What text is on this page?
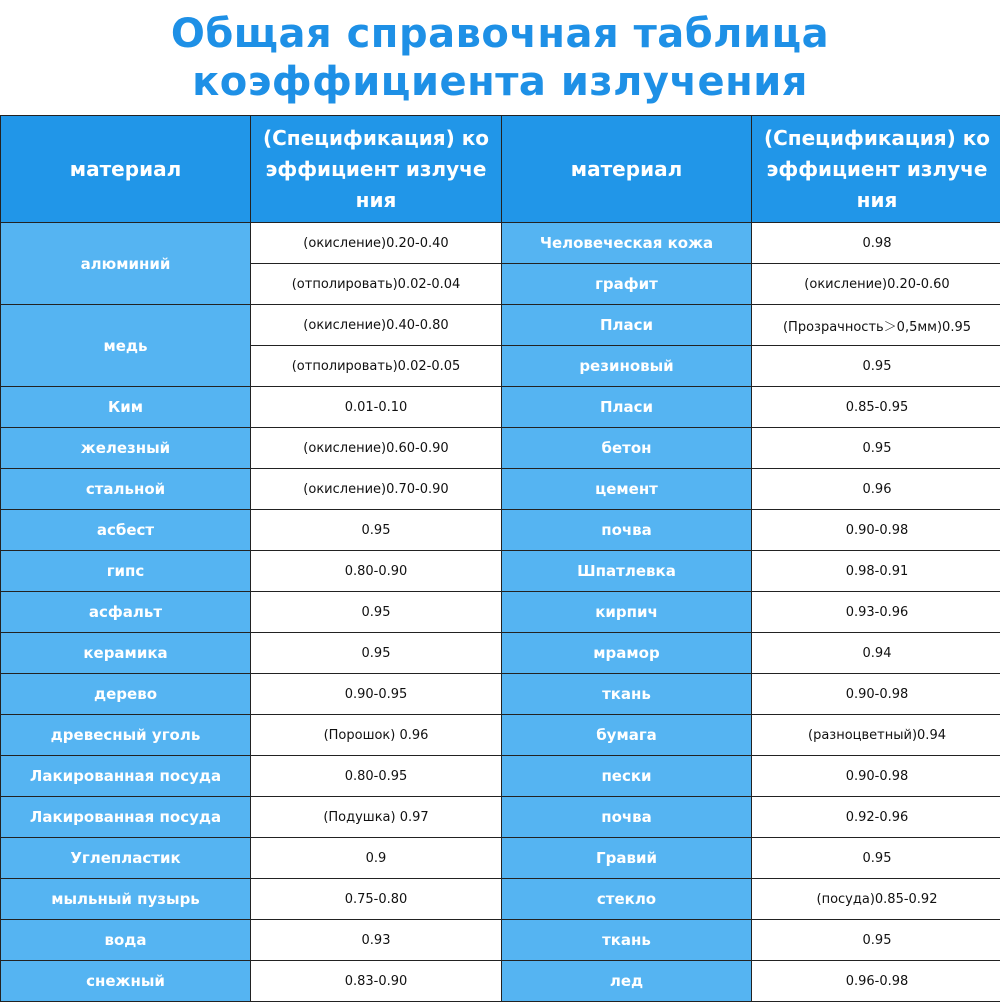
Общая справочная таблица
коэффициента излучения
материал	(Спецификация) ко эффициент излуче ния	материал	(Спецификация) ко эффициент излуче ния
алюминий	(окисление)0.20-0.40	Человеческая кожа	0.98
	(отполировать)0.02-0.04	графит	(окисление)0.20-0.60
медь	(окисление)0.40-0.80	Пласи	(Прозрачность＞0,5мм)0.95
	(отполировать)0.02-0.05	резиновый	0.95
Ким	0.01-0.10	Пласи	0.85-0.95
железный	(окисление)0.60-0.90	бетон	0.95
стальной	(окисление)0.70-0.90	цемент	0.96
асбест	0.95	почва	0.90-0.98
гипс	0.80-0.90	Шпатлевка	0.98-0.91
асфальт	0.95	кирпич	0.93-0.96
керамика	0.95	мрамор	0.94
дерево	0.90-0.95	ткань	0.90-0.98
древесный уголь	(Порошок) 0.96	бумага	(разноцветный)0.94
Лакированная посуда	0.80-0.95	пески	0.90-0.98
Лакированная посуда	(Подушка) 0.97	почва	0.92-0.96
Углепластик	0.9	Гравий	0.95
мыльный пузырь	0.75-0.80	стекло	(посуда)0.85-0.92
вода	0.93	ткань	0.95
снежный	0.83-0.90	лед	0.96-0.98
